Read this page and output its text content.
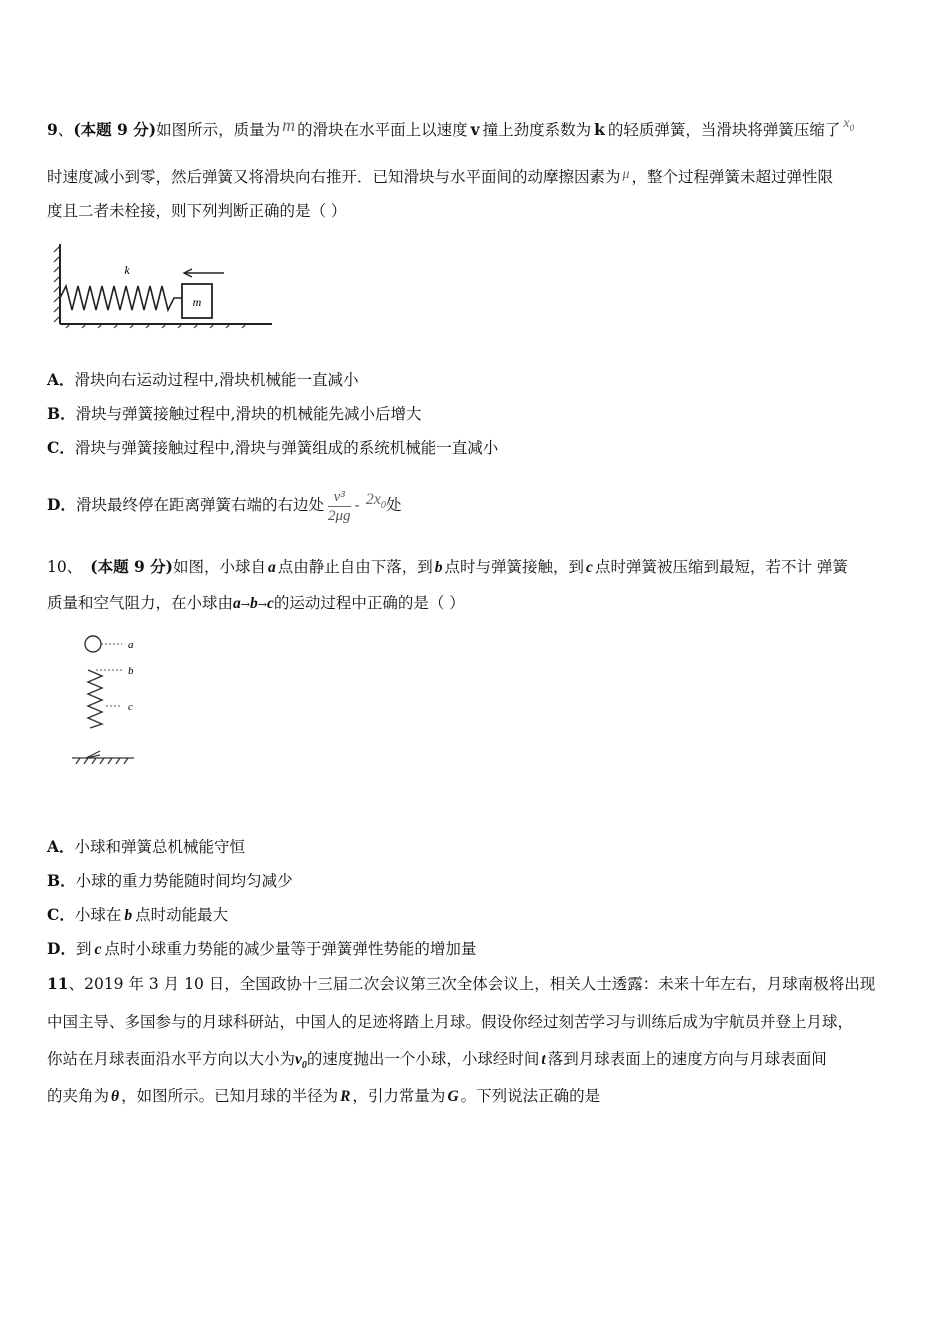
9、(本题 9 分)如图所示，质量为 m 的滑块在水平面上以速度 v 撞上劲度系数为 k 的轻质弹簧，当滑块将弹簧压缩了 $x_0$
时速度减小到零，然后弹簧又将滑块向右推开．已知滑块与水平面间的动摩擦因素为 μ ，整个过程弹簧未超过弹性限
度且二者未栓接，则下列判断正确的是（ ）
m
k
A．滑块向右运动过程中,滑块机械能一直减小
B．滑块与弹簧接触过程中,滑块的机械能先减小后增大
C．滑块与弹簧接触过程中,滑块与弹簧组成的系统机械能一直减小
D．滑块最终停在距离弹簧右端的右边处 $\frac{\text{v³}}{2\mu g} - 2x_0$处
10、 (本题 9 分)如图，小球自 a 点由静止自由下落，到 b 点时与弹簧接触，到 c 点时弹簧被压缩到最短，若不计 弹簧
质量和空气阻力，在小球由a→b→c的运动过程中正确的是（ ）
a
b
c
A．小球和弹簧总机械能守恒
B．小球的重力势能随时间均匀减少
C．小球在 b 点时动能最大
D．到 c 点时小球重力势能的减少量等于弹簧弹性势能的增加量
11、2019 年 3 月 10 日，全国政协十三届二次会议第三次全体会议上，相关人士透露：未来十年左右，月球南极将出现
中国主导、多国参与的月球科研站，中国人的足迹将踏上月球。假设你经过刻苦学习与训练后成为宇航员并登上月球，
你站在月球表面沿水平方向以大小为$v_0$的速度抛出一个小球，小球经时间 t 落到月球表面上的速度方向与月球表面间
的夹角为 θ ，如图所示。已知月球的半径为 R ，引力常量为 G 。下列说法正确的是
